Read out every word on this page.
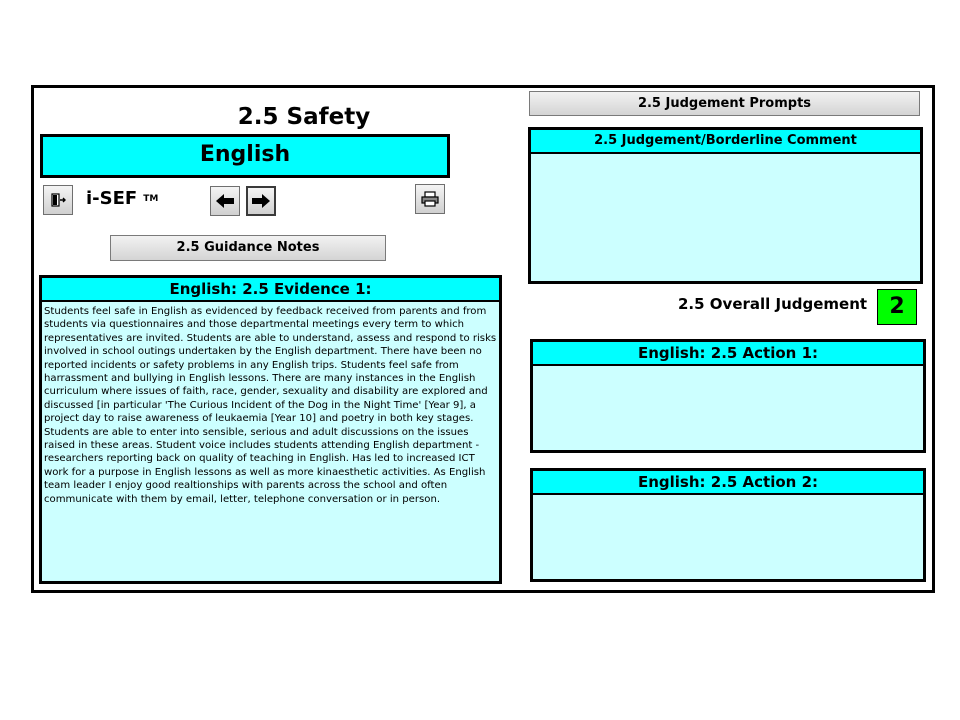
2.5 Safety
English
i-SEF TM
2.5 Guidance Notes
English: 2.5 Evidence 1:
Students feel safe in English as evidenced by feedback received from parents and from students via questionnaires and those departmental meetings every term to which representatives are invited. Students are able to understand, assess and respond to risks involved in school outings undertaken by the English department. There have been no reported incidents or safety problems in any English trips. Students feel safe from harrassment and bullying in English lessons. There are many instances in the English curriculum where issues of faith, race, gender, sexuality and disability are explored and discussed [in particular 'The Curious Incident of the Dog in the Night Time' [Year 9], a project day to raise awareness of leukaemia [Year 10] and poetry in both key stages. Students are able to enter into sensible, serious and adult discussions on the issues raised in these areas. Student voice includes students attending English department - researchers reporting back on quality of teaching in English. Has led to increased ICT work for a purpose in English lessons as well as more kinaesthetic activities. As English team leader I enjoy good realtionships with parents across the school and often communicate with them by email, letter, telephone conversation or in person.
2.5 Judgement Prompts
2.5 Judgement/Borderline Comment
2.5 Overall Judgement	2
English: 2.5 Action 1:
English: 2.5 Action 2:
